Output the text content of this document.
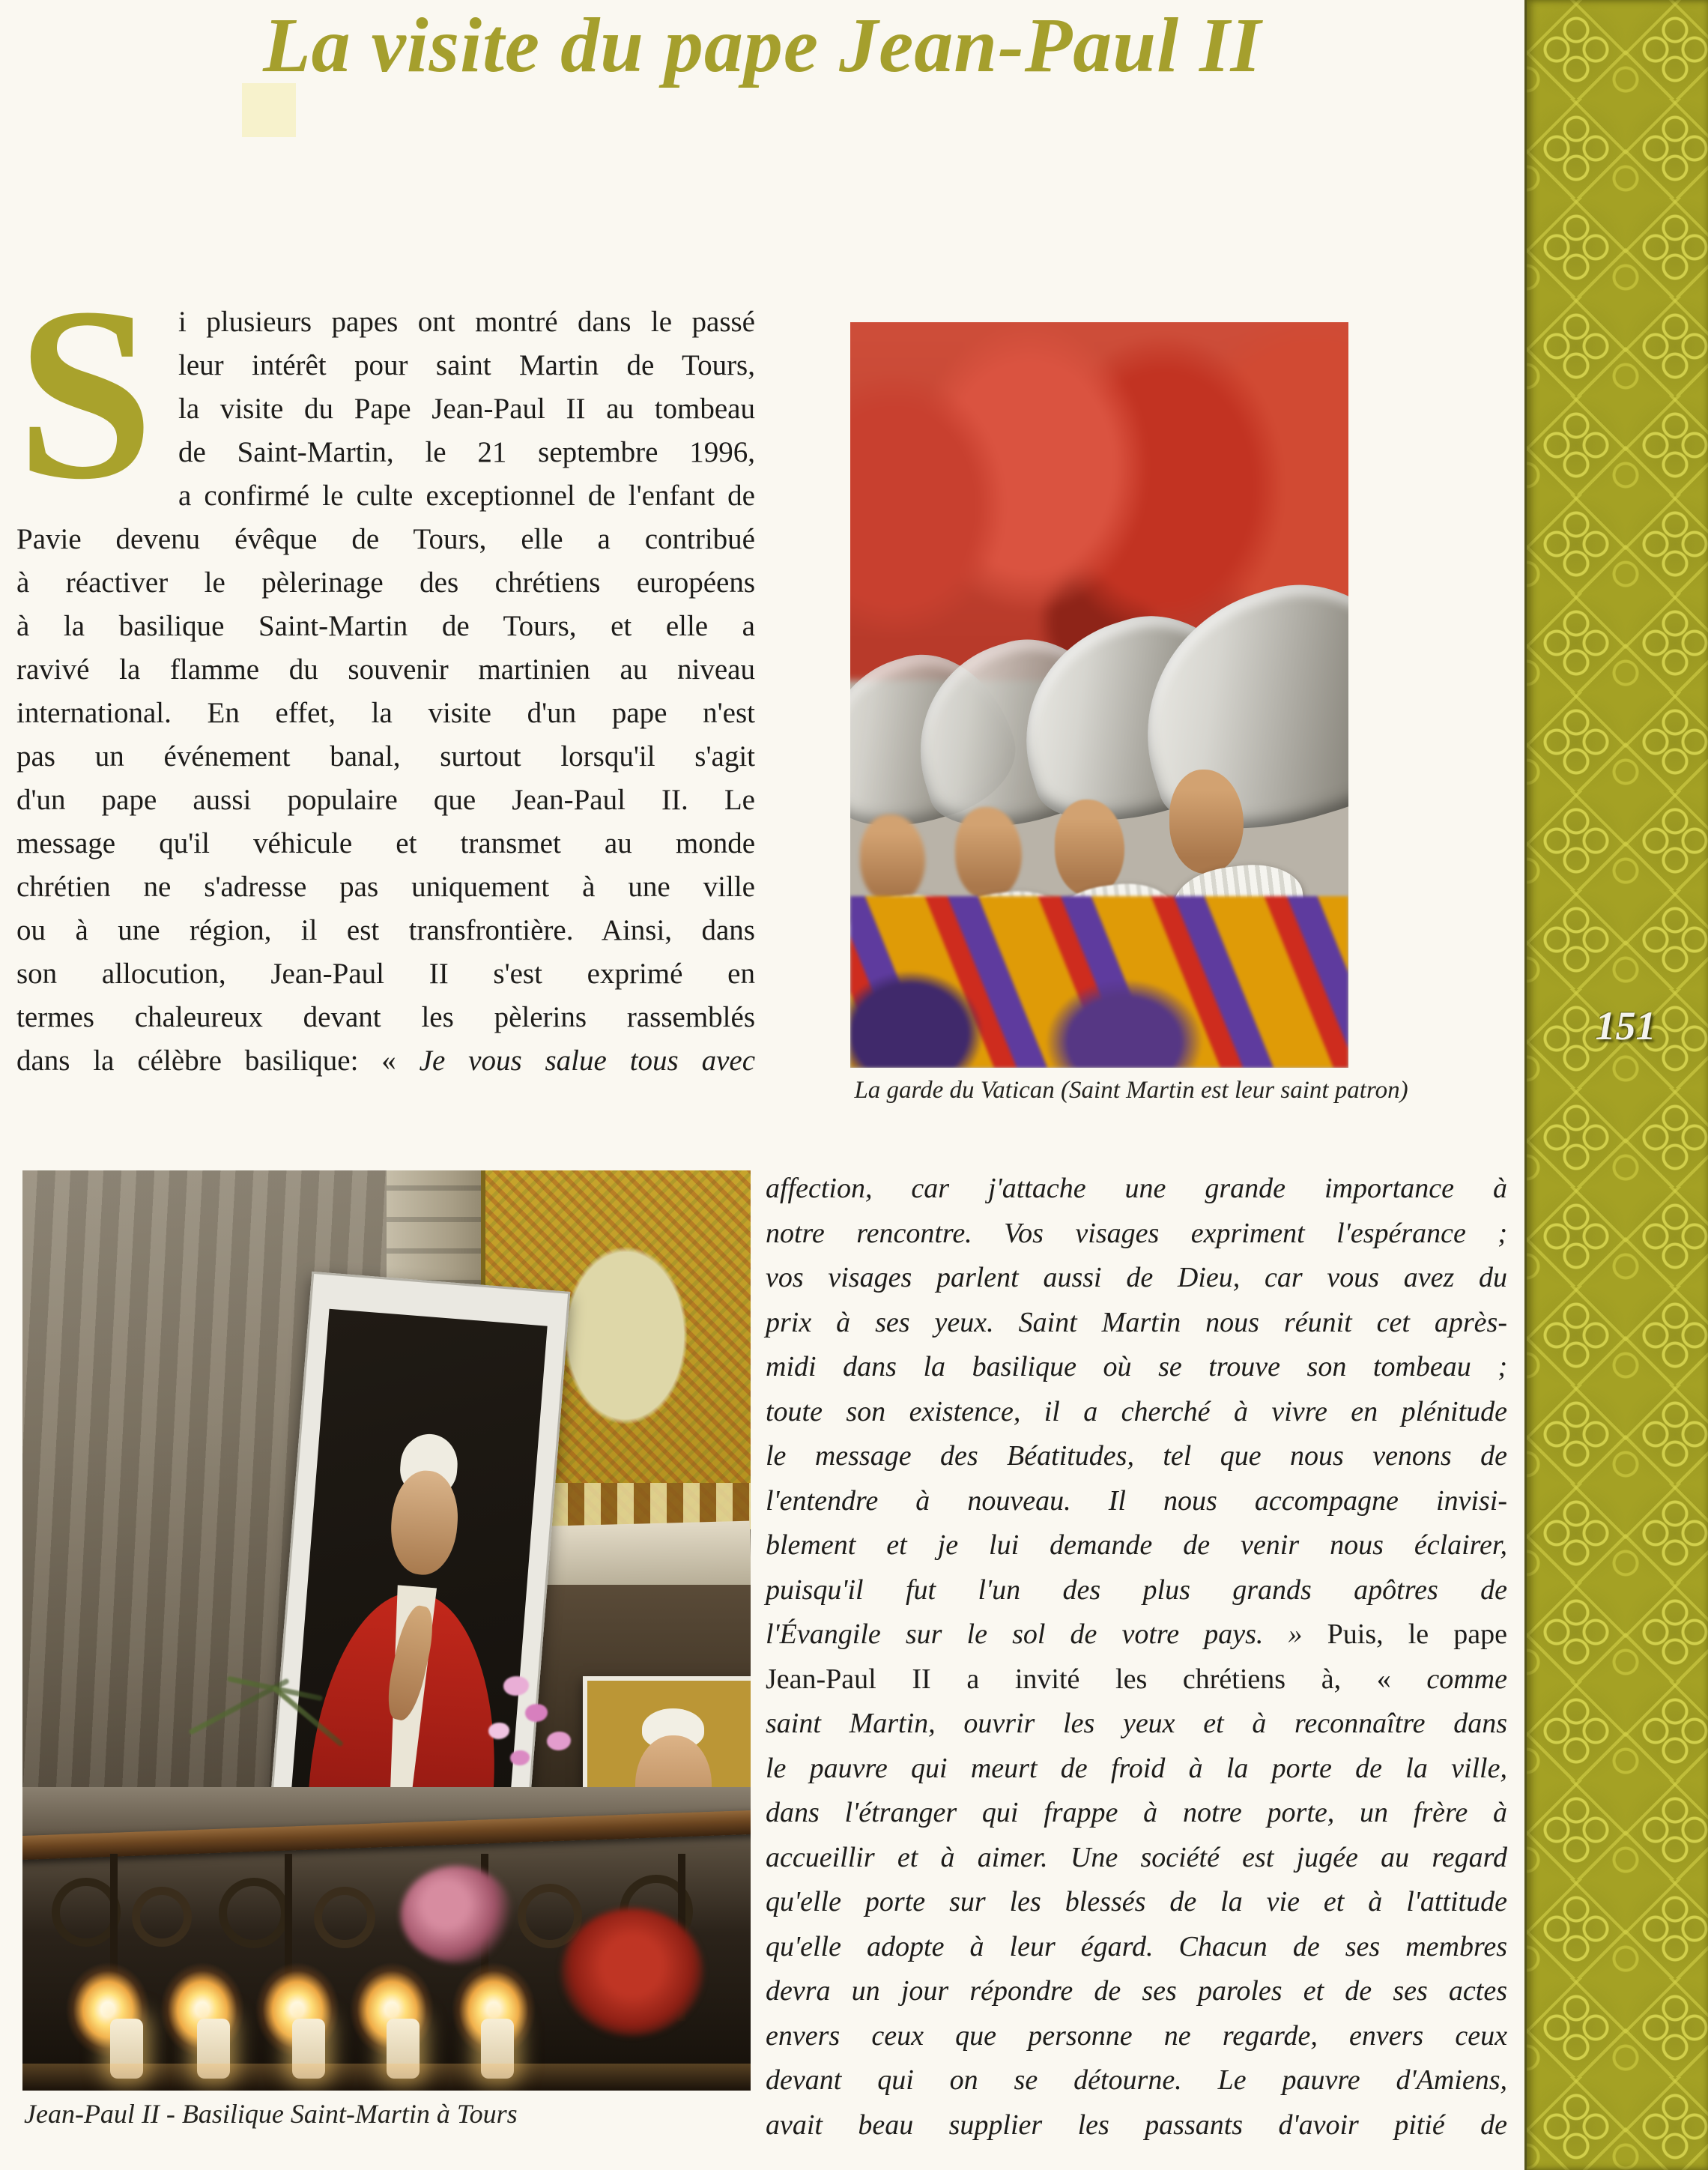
La visite du pape Jean-Paul II
151
S i plusieurs papes ont montré dans le passé
leur intérêt pour saint Martin de Tours,
la visite du Pape Jean-Paul II au tombeau
de Saint-Martin, le 21 septembre 1996,
a confirmé le culte exceptionnel de l'enfant de
Pavie devenu évêque de Tours, elle a contribué
à réactiver le pèlerinage des chrétiens européens
à la basilique Saint-Martin de Tours, et elle a
ravivé la flamme du souvenir martinien au niveau
international. En effet, la visite d'un pape n'est
pas un événement banal, surtout lorsqu'il s'agit
d'un pape aussi populaire que Jean-Paul II. Le
message qu'il véhicule et transmet au monde
chrétien ne s'adresse pas uniquement à une ville
ou à une région, il est transfrontière. Ainsi, dans
son allocution, Jean-Paul II s'est exprimé en
termes chaleureux devant les pèlerins rassemblés
dans la célèbre basilique: « Je vous salue tous avec
La garde du Vatican (Saint Martin est leur saint patron)
Jean-Paul II - Basilique Saint-Martin à Tours
affection, car j'attache une grande importance à
notre rencontre. Vos visages expriment l'espérance ;
vos visages parlent aussi de Dieu, car vous avez du
prix à ses yeux. Saint Martin nous réunit cet après-
midi dans la basilique où se trouve son tombeau ;
toute son existence, il a cherché à vivre en plénitude
le message des Béatitudes, tel que nous venons de
l'entendre à nouveau. Il nous accompagne invisi-
blement et je lui demande de venir nous éclairer,
puisqu'il fut l'un des plus grands apôtres de
l'Évangile sur le sol de votre pays. » Puis, le pape
Jean-Paul II a invité les chrétiens à, « comme
saint Martin, ouvrir les yeux et à reconnaître dans
le pauvre qui meurt de froid à la porte de la ville,
dans l'étranger qui frappe à notre porte, un frère à
accueillir et à aimer. Une société est jugée au regard
qu'elle porte sur les blessés de la vie et à l'attitude
qu'elle adopte à leur égard. Chacun de ses membres
devra un jour répondre de ses paroles et de ses actes
envers ceux que personne ne regarde, envers ceux
devant qui on se détourne. Le pauvre d'Amiens,
avait beau supplier les passants d'avoir pitié de
